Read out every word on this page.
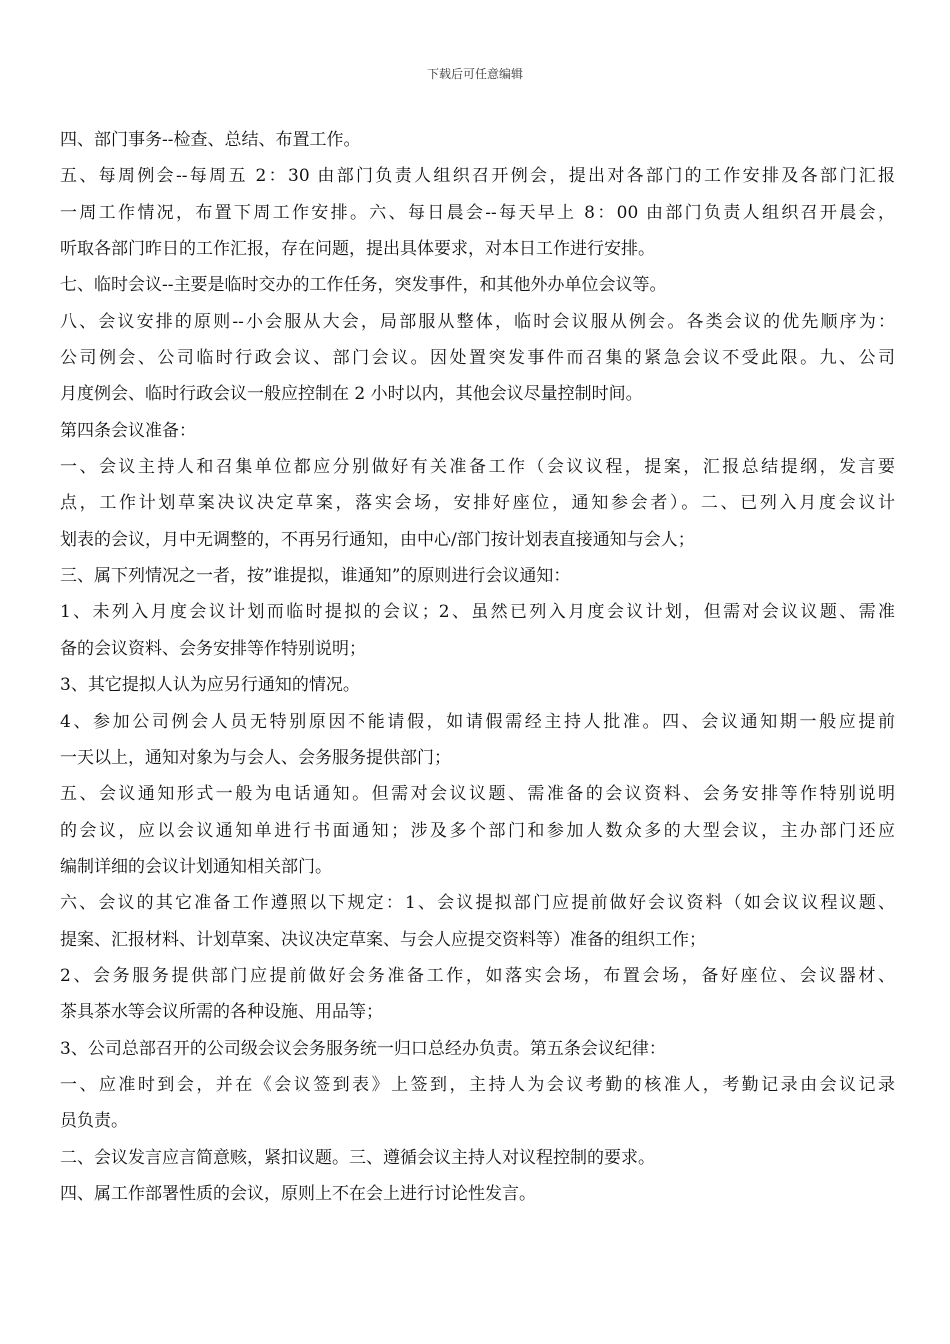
下载后可任意编辑
四、部门事务--检查、总结、布置工作。
五、每周例会--每周五 2：30 由部门负责人组织召开例会，提出对各部门的工作安排及各部门汇报
一周工作情况，布置下周工作安排。六、每日晨会--每天早上 8：00 由部门负责人组织召开晨会，
听取各部门昨日的工作汇报，存在问题，提出具体要求，对本日工作进行安排。
七、临时会议--主要是临时交办的工作任务，突发事件，和其他外办单位会议等。
八、会议安排的原则--小会服从大会，局部服从整体，临时会议服从例会。各类会议的优先顺序为：
公司例会、公司临时行政会议、部门会议。因处置突发事件而召集的紧急会议不受此限。九、公司
月度例会、临时行政会议一般应控制在 2 小时以内，其他会议尽量控制时间。
第四条会议准备：
一、会议主持人和召集单位都应分别做好有关准备工作（会议议程，提案，汇报总结提纲，发言要
点，工作计划草案决议决定草案，落实会场，安排好座位，通知参会者）。二、已列入月度会议计
划表的会议，月中无调整的，不再另行通知，由中心/部门按计划表直接通知与会人；
三、属下列情况之一者，按”谁提拟，谁通知”的原则进行会议通知：
1、未列入月度会议计划而临时提拟的会议；2、虽然已列入月度会议计划，但需对会议议题、需准
备的会议资料、会务安排等作特别说明；
3、其它提拟人认为应另行通知的情况。
4、参加公司例会人员无特别原因不能请假，如请假需经主持人批准。四、会议通知期一般应提前
一天以上，通知对象为与会人、会务服务提供部门；
五、会议通知形式一般为电话通知。但需对会议议题、需准备的会议资料、会务安排等作特别说明
的会议，应以会议通知单进行书面通知；涉及多个部门和参加人数众多的大型会议，主办部门还应
编制详细的会议计划通知相关部门。
六、会议的其它准备工作遵照以下规定：1、会议提拟部门应提前做好会议资料（如会议议程议题、
提案、汇报材料、计划草案、决议决定草案、与会人应提交资料等）准备的组织工作；
2、会务服务提供部门应提前做好会务准备工作，如落实会场，布置会场，备好座位、会议器材、
茶具茶水等会议所需的各种设施、用品等；
3、公司总部召开的公司级会议会务服务统一归口总经办负责。第五条会议纪律：
一、应准时到会，并在《会议签到表》上签到，主持人为会议考勤的核准人，考勤记录由会议记录
员负责。
二、会议发言应言简意赅，紧扣议题。三、遵循会议主持人对议程控制的要求。
四、属工作部署性质的会议，原则上不在会上进行讨论性发言。
